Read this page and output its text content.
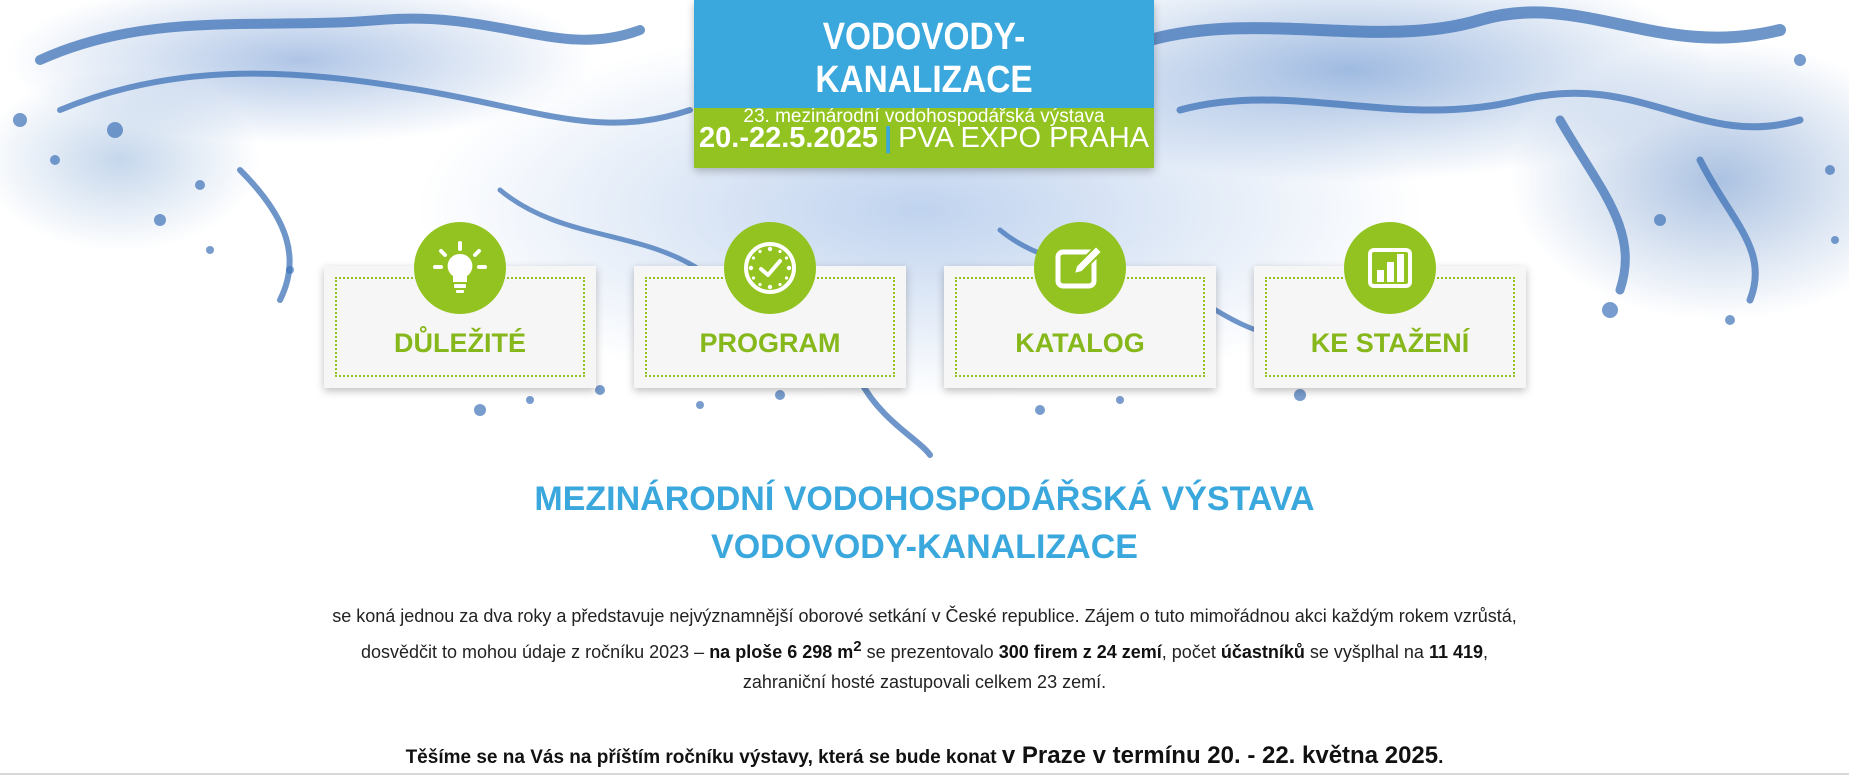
VODOVODY-KANALIZACE
20.-22.5.2025 | PVA EXPO PRAHA
DŮLEŽITÉ	PROGRAM	KATALOG	KE STAŽENÍ
MEZINÁRODNÍ VODOHOSPODÁŘSKÁ VÝSTAVA
VODOVODY-KANALIZACE
se koná jednou za dva roky a představuje nejvýznamnější oborové setkání v České republice. Zájem o tuto mimořádnou akci každým rokem vzrůstá,
dosvědčit to mohou údaje z ročníku 2023 – na ploše 6 298 $m^2$ se prezentovalo 300 firem z 24 zemí, počet účastníků se vyšplhal na 11 419,
zahraniční hosté zastupovali celkem 23 zemí.
Těšíme se na Vás na příštím ročníku výstavy, která se bude konat v Praze v termínu 20. - 22. května 2025.
